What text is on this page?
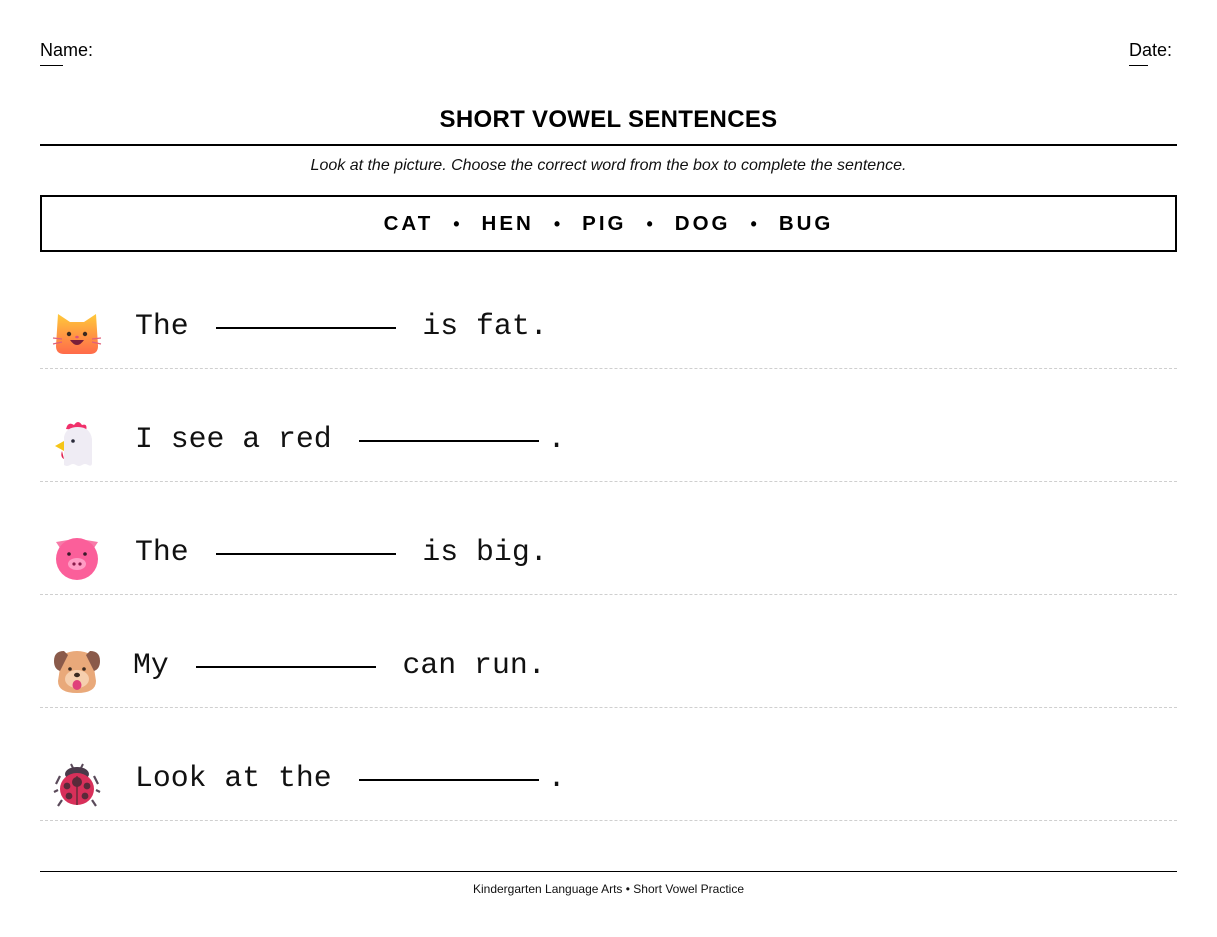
Name:	Date:
SHORT VOWEL SENTENCES
Look at the picture. Choose the correct word from the box to complete the sentence.
CAT • HEN • PIG • DOG • BUG
The	is fat.
I see a red	.
The	is big.
My	can run.
Look at the	.
Kindergarten Language Arts • Short Vowel Practice
